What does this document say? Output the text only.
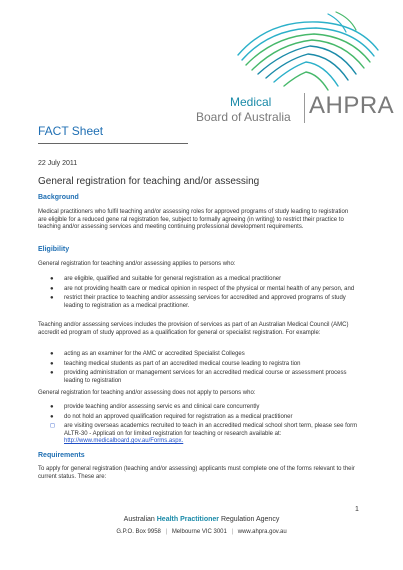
Medical
Board of Australia AHPRA
FACT Sheet
22 July 2011
General registration for teaching and/or assessing
Background
Medical practitioners who fulfil teaching and/or assessing roles for approved programs of study leading to registration are eligible for a reduced gene ral registration fee, subject to formally agreeing (in writing) to restrict their practice to teaching and/or assessing services and meeting continuing professional development requirements.
Eligibility
General registration for teaching and/or assessing applies to persons who:
● are eligible, qualified and suitable for general registration as a medical practitioner
● are not providing health care or medical opinion in respect of the physical or mental health of any person, and
● restrict their practice to teaching and/or assessing services for accredited and approved programs of study leading to registration as a medical practitioner.
Teaching and/or assessing services includes the provision of services as part of an Australian Medical Council (AMC) accredit ed program of study approved as a qualification for general or specialist registration. For example:
● acting as an examiner for the AMC or accredited Specialist Colleges
● teaching medical students as part of an accredited medical course leading to registra tion
● providing administration or management services for an accredited medical course or assessment process leading to registration
General registration for teaching and/or assessing does not apply to persons who:
● provide teaching and/or assessing servic es and clinical care concurrently
● do not hold an approved qualification required for registration as a medical practitioner
◻ are visiting overseas academics recruited to teach in an accredited medical school short term, please see form ALTR-30 - Applicati on for limited registration for teaching or research available at:
http://www.medicalboard.gov.au/Forms.aspx.
Requirements
To apply for general registration (teaching and/or assessing) applicants must complete one of the forms relevant to their current status. These are:
1
Australian Health Practitioner Regulation Agency
G.P.O. Box 9958 | Melbourne VIC 3001 | www.ahpra.gov.au
